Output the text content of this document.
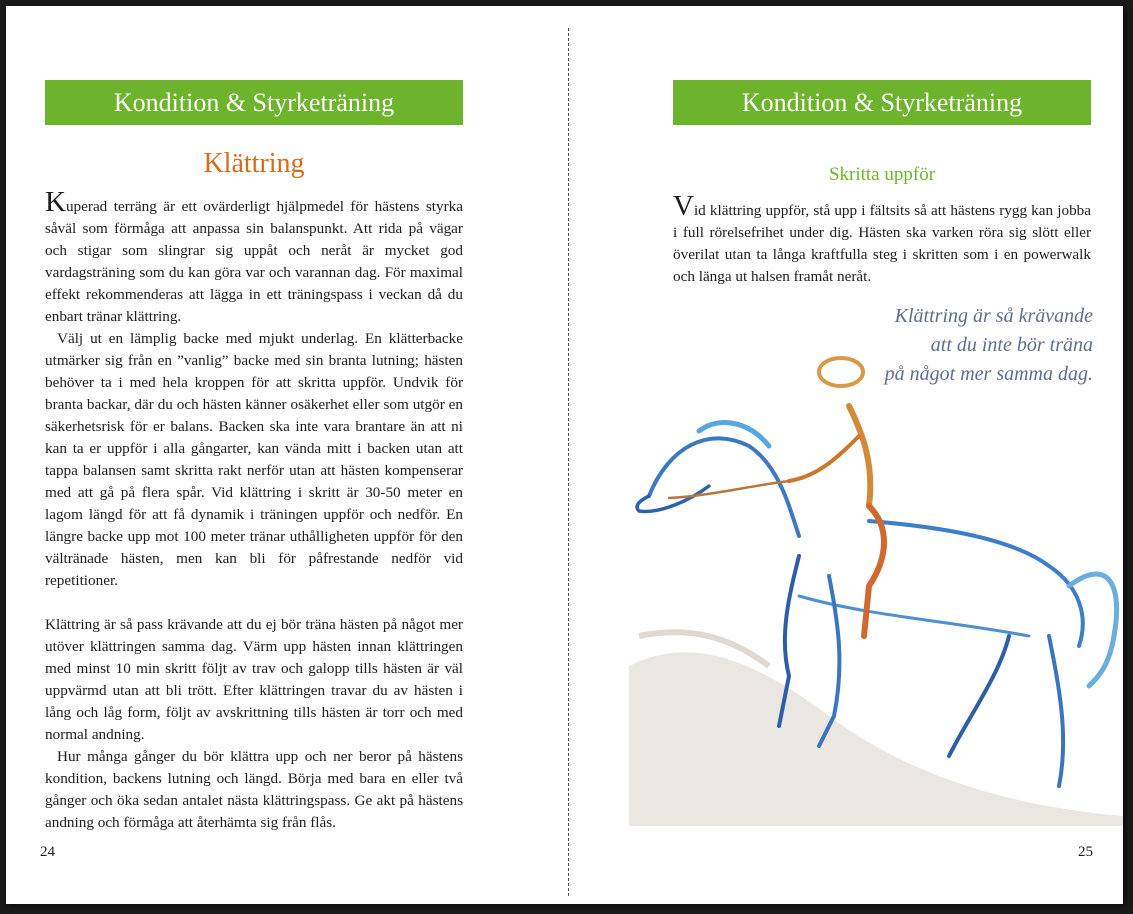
Kondition & Styrketräning
Klättring

Kuperad terräng är ett ovärderligt hjälpmedel för hästens styrka såväl som förmåga att anpassa sin balanspunkt. Att rida på vägar och stigar som slingrar sig uppåt och neråt är mycket god vardagsträning som du kan göra var och varannan dag. För maximal effekt rekommenderas att lägga in ett träningspass i veckan då du enbart tränar klättring.

Välj ut en lämplig backe med mjukt underlag. En klätterbacke utmärker sig från en ”vanlig” backe med sin branta lutning; hästen behöver ta i med hela kroppen för att skritta uppför. Undvik för branta backar, där du och hästen känner osäkerhet eller som utgör en säkerhetsrisk för er balans. Backen ska inte vara brantare än att ni kan ta er uppför i alla gångarter, kan vända mitt i backen utan att tappa balansen samt skritta rakt nerför utan att hästen kompenserar med att gå på flera spår. Vid klättring i skritt är 30-50 meter en lagom längd för att få dynamik i träningen uppför och nedför. En längre backe upp mot 100 meter tränar uthålligheten uppför för den vältränade hästen, men kan bli för påfrestande nedför vid repetitioner.

Klättring är så pass krävande att du ej bör träna hästen på något mer utöver klättringen samma dag. Värm upp hästen innan klättringen med minst 10 min skritt följt av trav och galopp tills hästen är väl uppvärmd utan att bli trött. Efter klättringen travar du av hästen i lång och låg form, följt av avskrittning tills hästen är torr och med normal andning.

Hur många gånger du bör klättra upp och ner beror på hästens kondition, backens lutning och längd. Börja med bara en eller två gånger och öka sedan antalet nästa klättringspass. Ge akt på hästens andning och förmåga att återhämta sig från flås.

24
Kondition & Styrketräning
Skritta uppför

Vid klättring uppför, stå upp i fältsits så att hästens rygg kan jobba i full rörelsefrihet under dig. Hästen ska varken röra sig slött eller överilat utan ta långa kraftfulla steg i skritten som i en powerwalk och länga ut halsen framåt neråt.

Klättring är så krävande
att du inte bör träna
på något mer samma dag.
25
